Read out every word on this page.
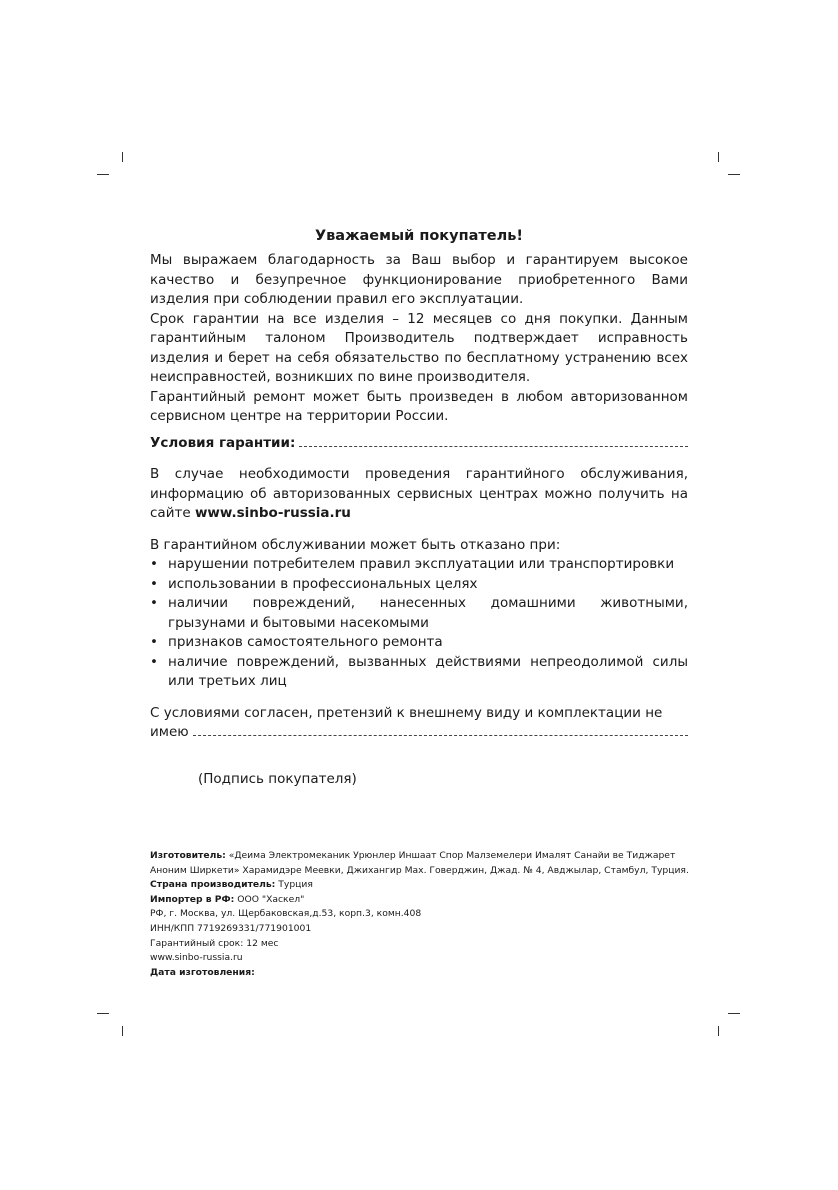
Уважаемый покупатель!

Мы выражаем благодарность за Ваш выбор и гарантируем высокое качество и безупречное функционирование приобретенного Вами изделия при соблюдении правил его эксплуатации.

Срок гарантии на все изделия – 12 месяцев со дня покупки. Данным гарантийным талоном Производитель подтверждает исправность изделия и берет на себя обязательство по бесплатному устранению всех неисправностей, возникших по вине производителя.

Гарантийный ремонт может быть произведен в любом авторизованном сервисном центре на территории России.

Условия гарантии:

В случае необходимости проведения гарантийного обслуживания, информацию об авторизованных сервисных центрах можно получить на сайте www.sinbo-russia.ru

В гарантийном обслуживании может быть отказано при:

• нарушении потребителем правил эксплуатации или транспортировки
• использовании в профессиональных целях
• наличии повреждений, нанесенных домашними животными, грызунами и бытовыми насекомыми
• признаков самостоятельного ремонта
• наличие повреждений, вызванных действиями непреодолимой силы или третьих лиц

С условиями согласен, претензий к внешнему виду и комплектации не

имею
(Подпись покупателя)
Изготовитель: «Деима Электромеканик Урюнлер Иншаат Спор Малземелери Ималят Санайи ве Тиджарет Аноним Ширкети» Харамидэре Меевки, Джихангир Мах. Говерджин, Джад. № 4, Авджылар, Стамбул, Турция.
Страна производитель: Турция
Импортер в РФ: ООО "Хаскел"
РФ, г. Москва, ул. Щербаковская,д.53, корп.3, комн.408
ИНН/КПП 7719269331/771901001
Гарантийный срок: 12 мес
www.sinbo-russia.ru
Дата изготовления:
